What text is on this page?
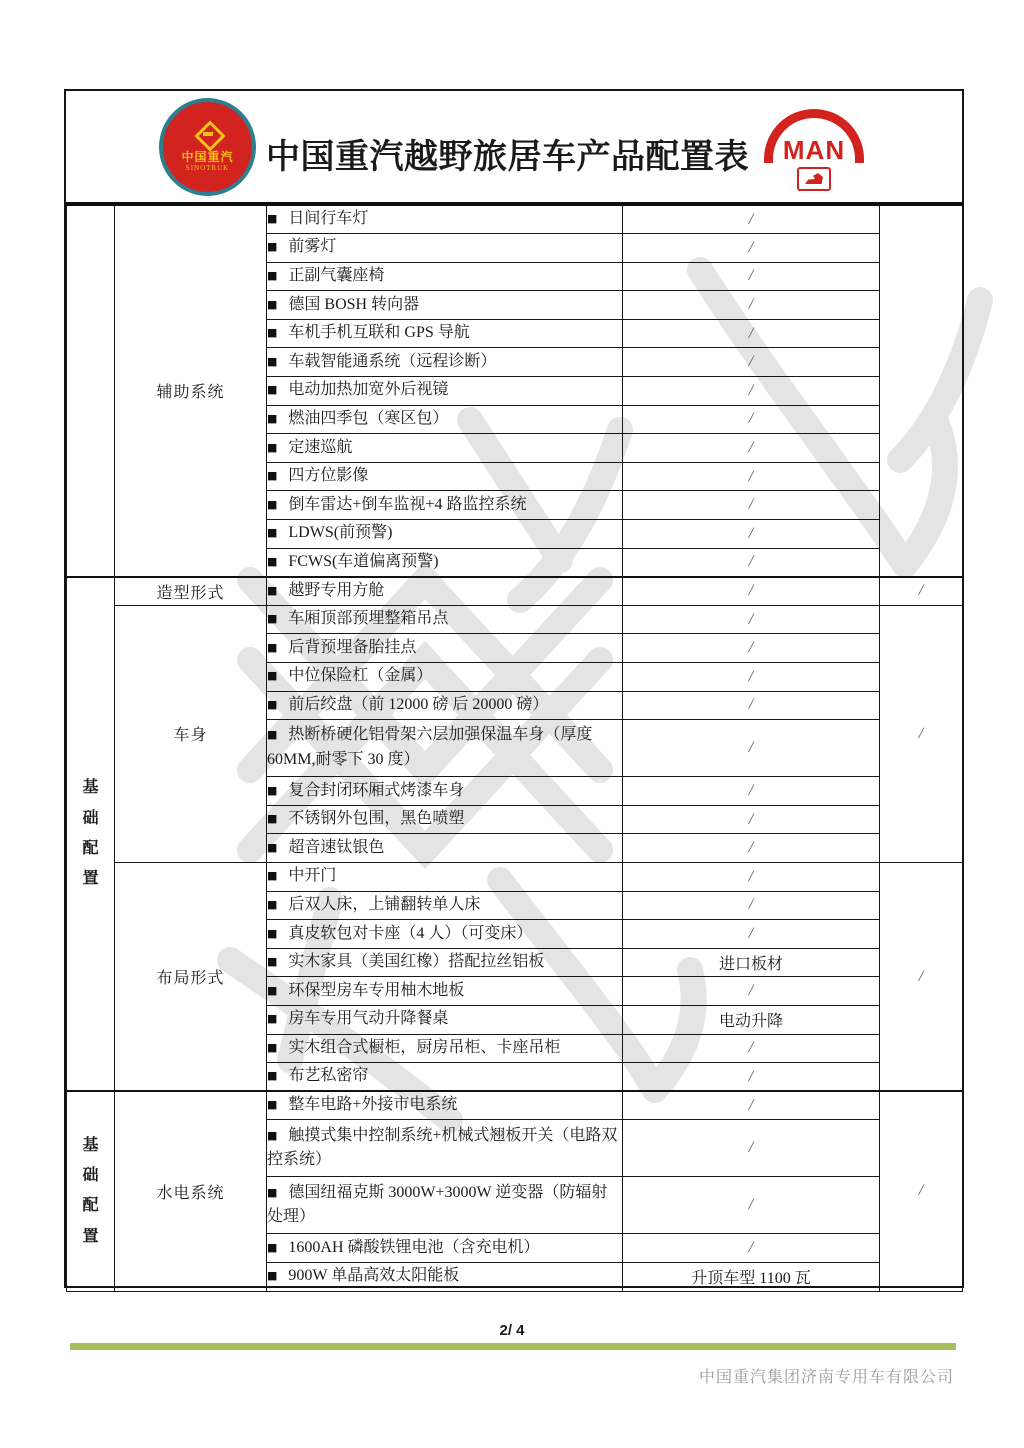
中国重汽
SINOTRUK 中国重汽越野旅居车产品配置表	MAN
	辅助系统	■ 日间行车灯	/	
		■ 前雾灯	/	
		■ 正副气囊座椅	/	
		■ 德国 BOSH 转向器	/	
		■ 车机手机互联和 GPS 导航	/	
		■ 车载智能通系统（远程诊断）	/	
		■ 电动加热加宽外后视镜	/	
		■ 燃油四季包（寒区包）	/	
		■ 定速巡航	/	
		■ 四方位影像	/	
		■ 倒车雷达+倒车监视+4 路监控系统	/	
		■ LDWS(前预警)	/	
		■ FCWS(车道偏离预警)	/	

基
础
配
置	造型形式	■ 越野专用方舱	/	/
	车身	■ 车厢顶部预埋整箱吊点	/	/
		■ 后背预埋备胎挂点	/	
		■ 中位保险杠（金属）	/	
		■ 前后绞盘（前 12000 磅 后 20000 磅）	/	
		■ 热断桥硬化铝骨架六层加强保温车身（厚度 60MM,耐零下 30 度）	/	
		■ 复合封闭环厢式烤漆车身	/	
		■ 不锈钢外包围，黑色喷塑	/	
		■ 超音速钛银色	/	
	布局形式	■ 中开门	/	/
		■ 后双人床，上铺翻转单人床	/	
		■ 真皮软包对卡座（4 人）（可变床）	/	
		■ 实木家具（美国红橡）搭配拉丝铝板	进口板材	
		■ 环保型房车专用柚木地板	/	
		■ 房车专用气动升降餐桌	电动升降	
		■ 实木组合式橱柜，厨房吊柜、卡座吊柜	/	
		■ 布艺私密帘	/	

基
础
配
置	水电系统	■ 整车电路+外接市电系统	/	/
		■ 触摸式集中控制系统+机械式翘板开关（电路双控系统）	/	
		■ 德国纽福克斯 3000W+3000W 逆变器（防辐射处理）	/	
		■ 1600AH 磷酸铁锂电池（含充电机）	/	
		■ 900W 单晶高效太阳能板	升顶车型 1100 瓦	
2/ 4
中国重汽集团济南专用车有限公司
